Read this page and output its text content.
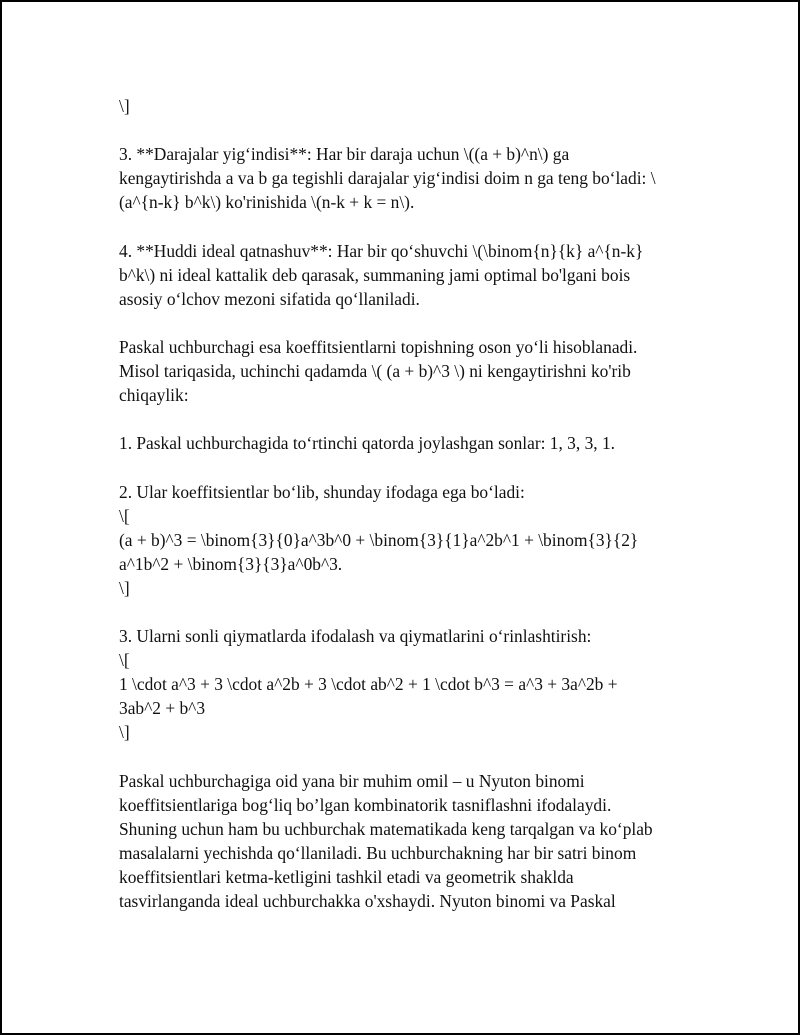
\]
3. **Darajalar yig‘indisi**: Har bir daraja uchun \((a + b)^n\) ga
kengaytirishda a va b ga tegishli darajalar yig‘indisi doim n ga teng bo‘ladi: \
(a^{n-k} b^k\) ko'rinishida \(n-k + k = n\).
4. **Huddi ideal qatnashuv**: Har bir qo‘shuvchi \(\binom{n}{k} a^{n-k}
b^k\) ni ideal kattalik deb qarasak, summaning jami optimal bo'lgani bois
asosiy o‘lchov mezoni sifatida qo‘llaniladi.
Paskal uchburchagi esa koeffitsientlarni topishning oson yo‘li hisoblanadi.
Misol tariqasida, uchinchi qadamda \( (a + b)^3 \) ni kengaytirishni ko'rib
chiqaylik:
1. Paskal uchburchagida to‘rtinchi qatorda joylashgan sonlar: 1, 3, 3, 1.
2. Ular koeffitsientlar bo‘lib, shunday ifodaga ega bo‘ladi:
\[
(a + b)^3 = \binom{3}{0}a^3b^0 + \binom{3}{1}a^2b^1 + \binom{3}{2}
a^1b^2 + \binom{3}{3}a^0b^3.
\]
3. Ularni sonli qiymatlarda ifodalash va qiymatlarini o‘rinlashtirish:
\[
1 \cdot a^3 + 3 \cdot a^2b + 3 \cdot ab^2 + 1 \cdot b^3 = a^3 + 3a^2b +
3ab^2 + b^3
\]
Paskal uchburchagiga oid yana bir muhim omil – u Nyuton binomi
koeffitsientlariga bog‘liq bo’lgan kombinatorik tasniflashni ifodalaydi.
Shuning uchun ham bu uchburchak matematikada keng tarqalgan va ko‘plab
masalalarni yechishda qo‘llaniladi. Bu uchburchakning har bir satri binom
koeffitsientlari ketma-ketligini tashkil etadi va geometrik shaklda
tasvirlanganda ideal uchburchakka o'xshaydi. Nyuton binomi va Paskal
